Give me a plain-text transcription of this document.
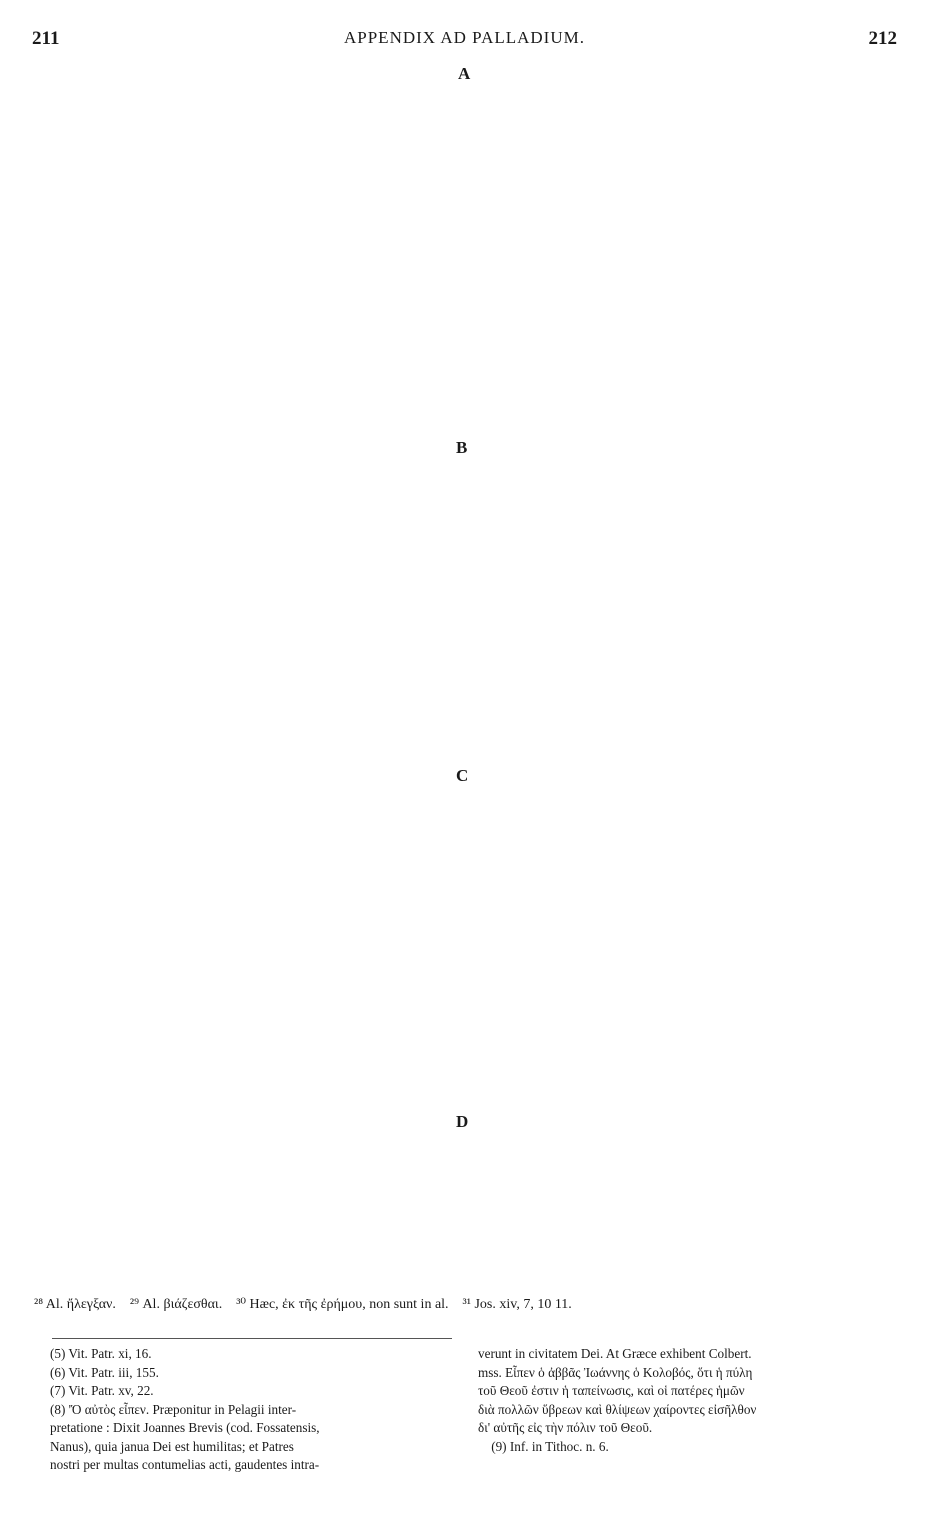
211	APPENDIX AD PALLADIUM.	212

A
B
C
D
²⁸ Al. ἤλεγξαν.    ²⁹ Al. βιάζεσθαι.    ³⁰ Hæc, ἐκ τῆς ἐρήμου, non sunt in al.    ³¹ Jos. xiv, 7, 10 11.
(5) Vit. Patr. xi, 16.
(6) Vit. Patr. iii, 155.
(7) Vit. Patr. xv, 22.
(8) 'Ὁ αὐτὸς εἶπεν. Præponitur in Pelagii inter-
pretatione : Dixit Joannes Brevis (cod. Fossatensis,
Nanus), quia janua Dei est humilitas; et Patres
nostri per multas contumelias acti, gaudentes intra-
verunt in civitatem Dei. At Græce exhibent Colbert.
mss. Εἶπεν ὁ ἀββᾶς Ἰωάννης ὁ Κολοβός, ὅτι ἡ πύλη
τοῦ Θεοῦ ἐστιν ἡ ταπείνωσις, καὶ οἱ πατέρες ἡμῶν
διὰ πολλῶν ὕβρεων καὶ θλίψεων χαίροντες εἰσῆλθον
δι' αὐτῆς εἰς τὴν πόλιν τοῦ Θεοῦ.
(9) Inf. in Tithoc. n. 6.
